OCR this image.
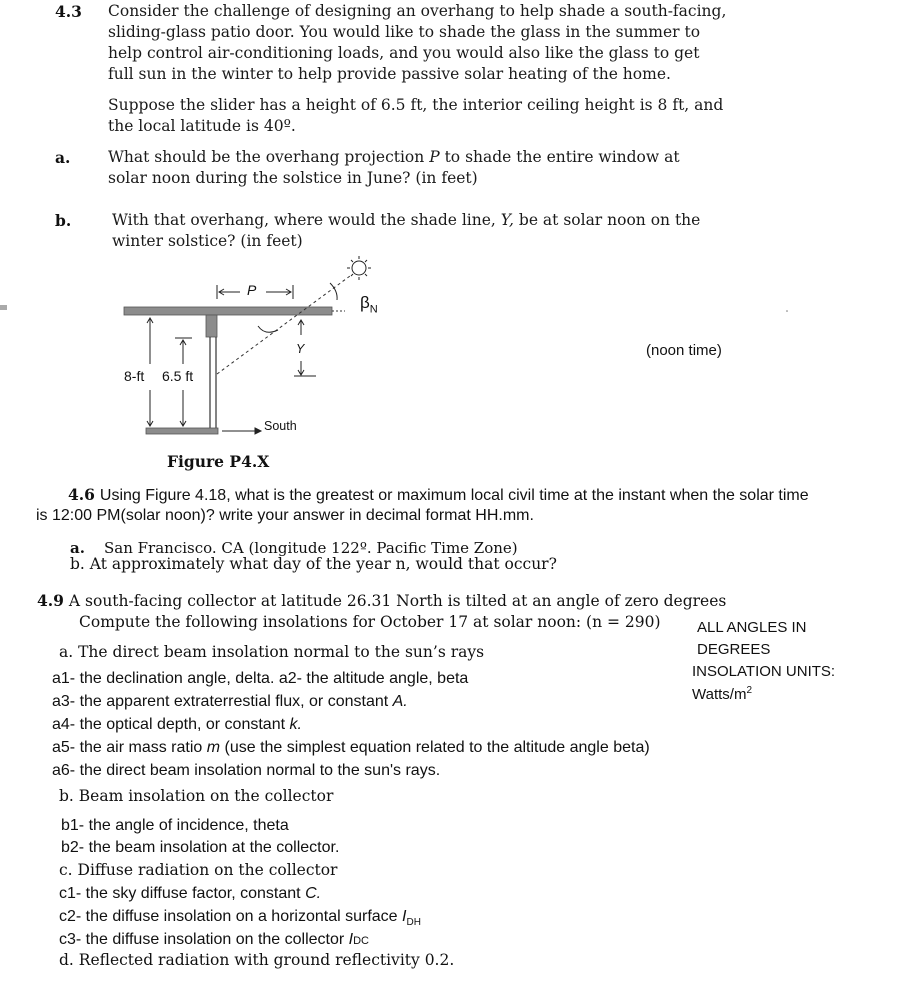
4.3 Consider the challenge of designing an overhang to help shade a south-facing,
sliding-glass patio door. You would like to shade the glass in the summer to
help control air-conditioning loads, and you would also like the glass to get
full sun in the winter to help provide passive solar heating of the home.
Suppose the slider has a height of 6.5 ft, the interior ceiling height is 8 ft, and
the local latitude is 40º.
a. What should be the overhang projection P to shade the entire window at
solar noon during the solstice in June? (in feet)
b.	With that overhang, where would the shade line, Y, be at solar noon on the
winter solstice? (in feet)
P
$\beta_N$
Y
8-ft 6.5 ft
South
(noon time)
Figure P4.X
4.6 Using Figure 4.18, what is the greatest or maximum local civil time at the instant when the solar time
is 12:00 PM(solar noon)? write your answer in decimal format HH.mm.
a. San Francisco. CA (longitude 122º. Pacific Time Zone)
b. At approximately what day of the year n, would that occur?
4.9 A south-facing collector at latitude 26.31 North is tilted at an angle of zero degrees
Compute the following insolations for October 17 at solar noon: (n = 290) ALL ANGLES IN
DEGREES
INSOLATION UNITS:
Watts/$m^2$
a. The direct beam insolation normal to the sun’s rays
a1- the declination angle, delta. a2- the altitude angle, beta
a3- the apparent extraterrestial flux, or constant A.
a4- the optical depth, or constant k.
a5- the air mass ratio m (use the simplest equation related to the altitude angle beta)
a6- the direct beam insolation normal to the sun's rays.
b. Beam insolation on the collector
b1- the angle of incidence, theta
b2- the beam insolation at the collector.
c. Diffuse radiation on the collector
c1- the sky diffuse factor, constant C.
c2- the diffuse insolation on a horizontal surface $I_{DH}$
c3- the diffuse insolation on the collector IDC
d. Reflected radiation with ground reflectivity 0.2.
